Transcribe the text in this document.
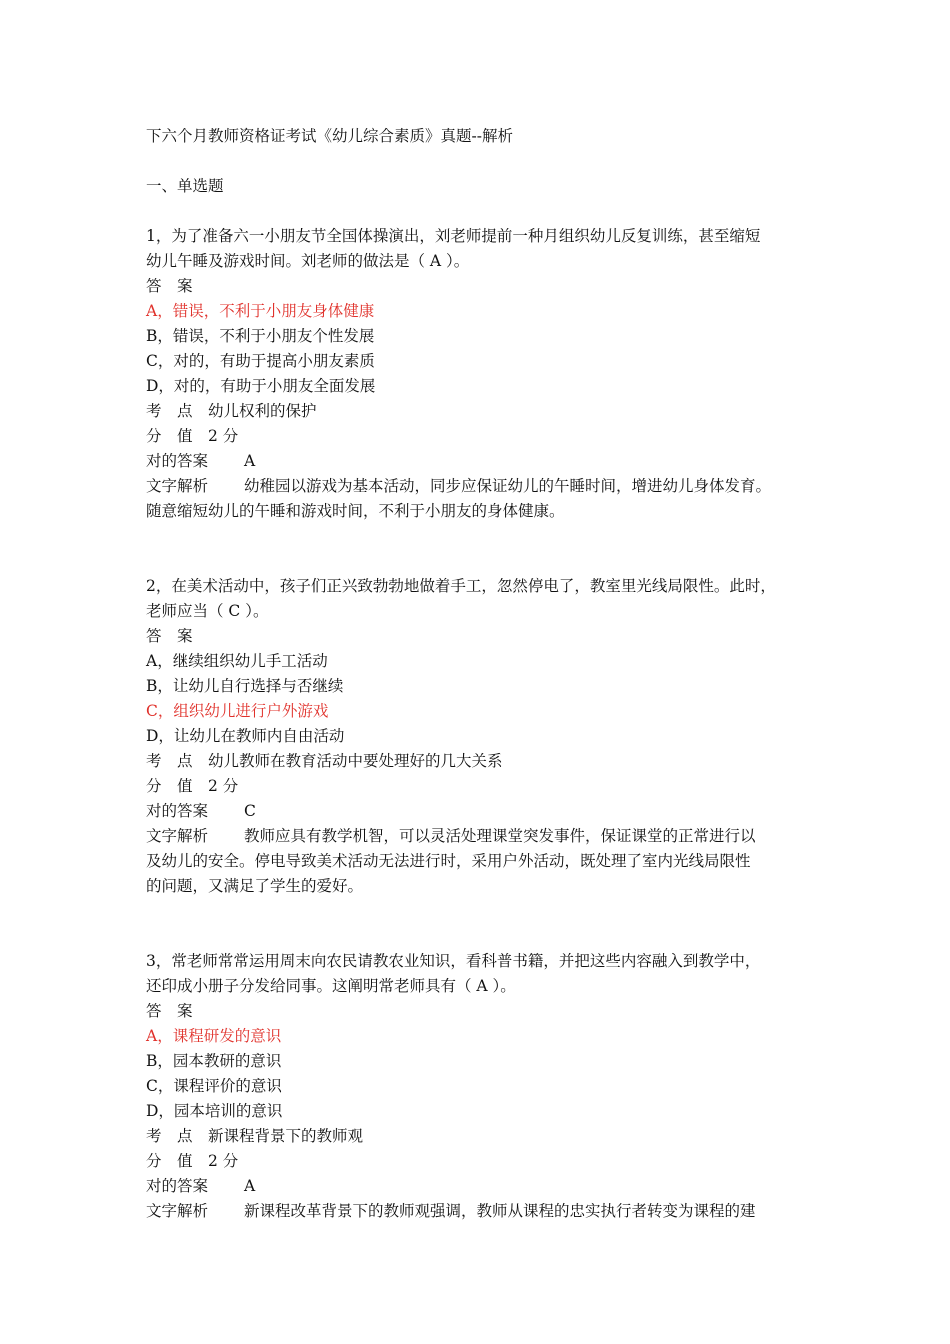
下六个月教师资格证考试《幼儿综合素质》真题--解析
一、单选题
1，为了准备六一小朋友节全国体操演出，刘老师提前一种月组织幼儿反复训练，甚至缩短
幼儿午睡及游戏时间。刘老师的做法是（ A ）。
答　案
A，错误，不利于小朋友身体健康
B，错误，不利于小朋友个性发展
C，对的，有助于提高小朋友素质
D，对的，有助于小朋友全面发展
考　点 幼儿权利的保护
分　值 2 分
对的答案 A
文字解析 幼稚园以游戏为基本活动，同步应保证幼儿的午睡时间，增进幼儿身体发育。
随意缩短幼儿的午睡和游戏时间，不利于小朋友的身体健康。
2，在美术活动中，孩子们正兴致勃勃地做着手工，忽然停电了，教室里光线局限性。此时，
老师应当（ C ）。
答　案
A，继续组织幼儿手工活动
B，让幼儿自行选择与否继续
C，组织幼儿进行户外游戏
D，让幼儿在教师内自由活动
考　点 幼儿教师在教育活动中要处理好的几大关系
分　值 2 分
对的答案 C
文字解析 教师应具有教学机智，可以灵活处理课堂突发事件，保证课堂的正常进行以
及幼儿的安全。停电导致美术活动无法进行时，采用户外活动，既处理了室内光线局限性
的问题，又满足了学生的爱好。
3，常老师常常运用周末向农民请教农业知识，看科普书籍，并把这些内容融入到教学中，
还印成小册子分发给同事。这阐明常老师具有（ A ）。
答　案
A，课程研发的意识
B，园本教研的意识
C，课程评价的意识
D，园本培训的意识
考　点 新课程背景下的教师观
分　值 2 分
对的答案 A
文字解析 新课程改革背景下的教师观强调，教师从课程的忠实执行者转变为课程的建
